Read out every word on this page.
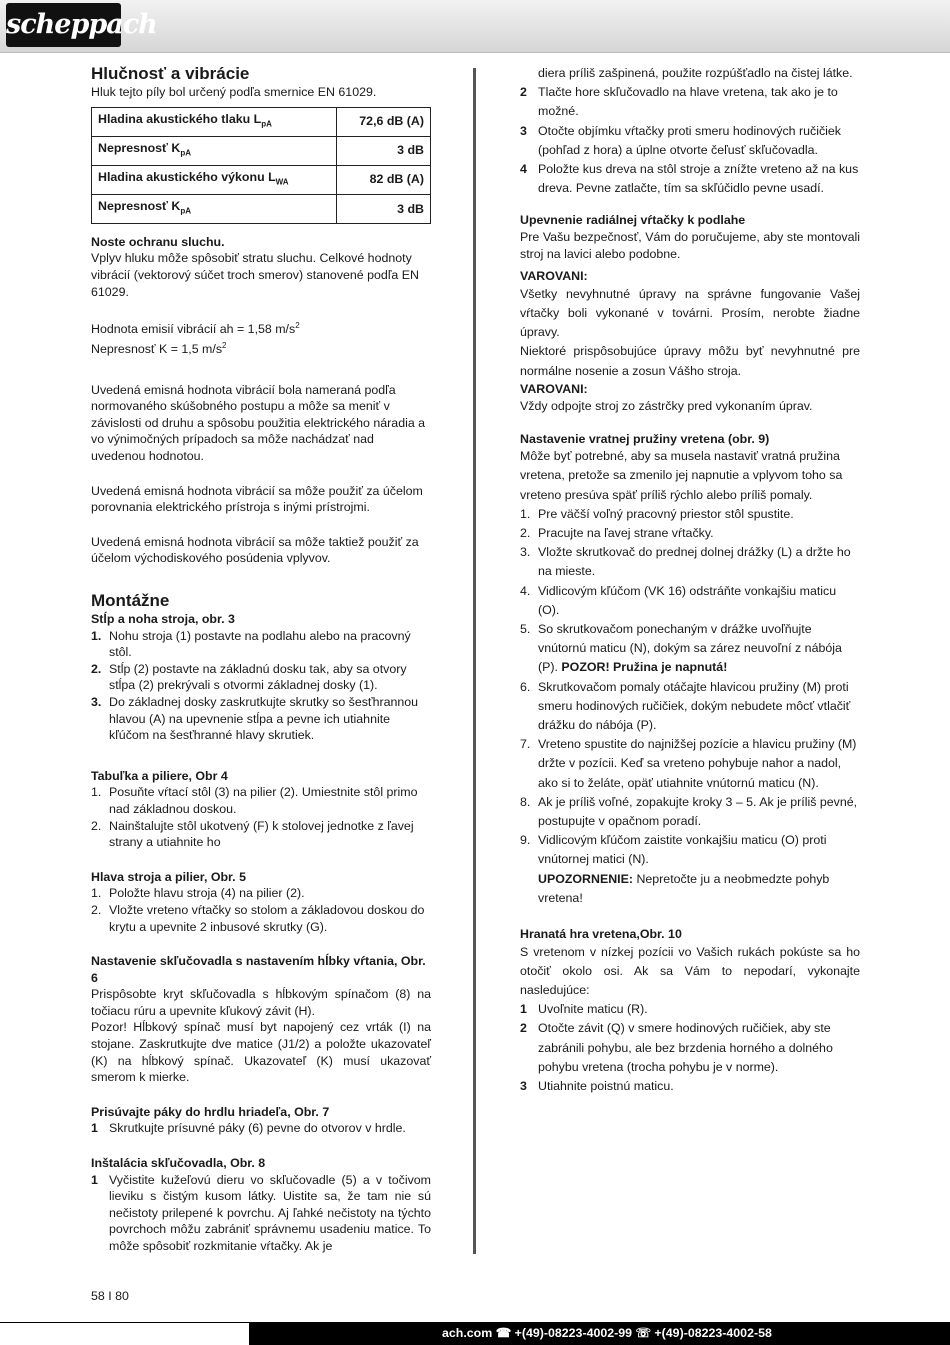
scheppach
Hlučnosť a vibrácie

Hluk tejto píly bol určený podľa smernice EN 61029.

Hladina akustického tlaku $L_{pA}$	72,6 dB (A)
Nepresnosť $K_{pA}$	3 dB
Hladina akustického výkonu $L_{WA}$	82 dB (A)
Nepresnosť $K_{pA}$	3 dB
Noste ochranu sluchu.

Vplyv hluku môže spôsobiť stratu sluchu. Celkové hodnoty vibrácií (vektorový súčet troch smerov) stanovené podľa EN 61029.

Hodnota emisií vibrácií ah = 1,58 $m/s^2$

Nepresnosť K = 1,5 $m/s^2$

Uvedená emisná hodnota vibrácií bola nameraná podľa normovaného skúšobného postupu a môže sa meniť v závislosti od druhu a spôsobu použitia elektrického náradia a vo výnimočných prípadoch sa môže nachádzať nad uvedenou hodnotou.

Uvedená emisná hodnota vibrácií sa môže použiť za účelom porovnania elektrického prístroja s inými prístrojmi.

Uvedená emisná hodnota vibrácií sa môže taktiež použiť za účelom východiskového posúdenia vplyvov.

Montážne
Stĺp a noha stroja, obr. 3
1. Nohu stroja (1) postavte na podlahu alebo na pracovný stôl.
2. Stĺp (2) postavte na základnú dosku tak, aby sa otvory stĺpa (2) prekrývali s otvormi základnej dosky (1).
3. Do základnej dosky zaskrutkujte skrutky so šesťhrannou hlavou (A) na upevnenie stĺpa a pevne ich utiahnite kľúčom na šesťhranné hlavy skrutiek.
Tabuľka a piliere, Obr 4
1. Posuňte vŕtací stôl (3) na pilier (2). Umiestnite stôl primo nad základnou doskou.
2. Nainštalujte stôl ukotvený (F) k stolovej jednotke z ľavej strany a utiahnite ho
Hlava stroja a pilier, Obr. 5
1. Položte hlavu stroja (4) na pilier (2).
2. Vložte vreteno vŕtačky so stolom a základovou doskou do krytu a upevnite 2 inbusové skrutky (G).
Nastavenie skľučovadla s nastavením hĺbky vŕtania, Obr. 6

Prispôsobte kryt skľučovadla s hĺbkovým spínačom (8) na točiacu rúru a upevnite kľukový závit (H).

Pozor! Hĺbkový spínač musí byt napojený cez vrták (I) na stojane. Zaskrutkujte dve matice (J1/2) a položte ukazovateľ (K) na hĺbkový spínač. Ukazovateľ (K) musí ukazovať smerom k mierke.

Prisúvajte páky do hrdlu hriadeľa, Obr. 7
1 Skrutkujte prísuvné páky (6) pevne do otvorov v hrdle.
Inštalácia skľučovadla, Obr. 8
1 Vyčistite kužeľovú dieru vo skľučovadle (5) a v točivom lieviku s čistým kusom látky. Uistite sa, že tam nie sú nečistoty prilepené k povrchu. Aj ľahké nečistoty na týchto povrchoch môžu zabrániť správnemu usadeniu matice. To môže spôsobiť rozkmitanie vŕtačky. Ak je

diera príliš zašpinená, použite rozpúšťadlo na čistej látke.

2 Tlačte hore skľučovadlo na hlave vretena, tak ako je to možné.
3 Otočte objímku vŕtačky proti smeru hodinových ručičiek (pohľad z hora) a úplne otvorte čeľusť skľučovadla.
4 Položte kus dreva na stôl stroje a znížte vreteno až na kus dreva. Pevne zatlačte, tím sa skľúčidlo pevne usadí.
Upevnenie radiálnej vŕtačky k podlahe

Pre Vašu bezpečnosť, Vám do poručujeme, aby ste montovali stroj na lavici alebo podobne.

VAROVANI:

Všetky nevyhnutné úpravy na správne fungovanie Vašej vŕtačky boli vykonané v továrni. Prosím, nerobte žiadne úpravy.

Niektoré prispôsobujúce úpravy môžu byť nevyhnutné pre normálne nosenie a zosun Vášho stroja.

VAROVANI:

Vždy odpojte stroj zo zástrčky pred vykonaním úprav.

Nastavenie vratnej pružiny vretena (obr. 9)

Môže byť potrebné, aby sa musela nastaviť vratná pružina vretena, pretože sa zmenilo jej napnutie a vplyvom toho sa vreteno presúva späť príliš rýchlo alebo príliš pomaly.

1. Pre väčší voľný pracovný priestor stôl spustite.
2. Pracujte na ľavej strane vŕtačky.
3. Vložte skrutkovač do prednej dolnej drážky (L) a držte ho na mieste.
4. Vidlicovým kľúčom (VK 16) odstráňte vonkajšiu maticu (O).
5. So skrutkovačom ponechaným v drážke uvoľňujte vnútornú maticu (N), dokým sa zárez neuvoľní z nábója (P). POZOR! Pružina je napnutá!
6. Skrutkovačom pomaly otáčajte hlavicou pružiny (M) proti smeru hodinových ručičiek, dokým nebudete môcť vtlačiť drážku do nábója (P).
7. Vreteno spustite do najnižšej pozície a hlavicu pružiny (M) držte v pozícii. Keď sa vreteno pohybuje nahor a nadol, ako si to želáte, opäť utiahnite vnútornú maticu (N).
8. Ak je príliš voľné, zopakujte kroky 3 – 5. Ak je príliš pevné, postupujte v opačnom poradí.
9. Vidlicovým kľúčom zaistite vonkajšiu maticu (O) proti vnútornej matici (N).

UPOZORNENIE: Nepretočte ju a neobmedzte pohyb vretena!

Hranatá hra vretena,Obr. 10

S vretenom v nízkej pozícii vo Vašich rukách pokúste sa ho otočiť okolo osi. Ak sa Vám to nepodarí, vykonajte nasledujúce:

1 Uvoľnite maticu (R).
2 Otočte závit (Q) v smere hodinových ručičiek, aby ste zabránili pohybu, ale bez brzdenia horného a dolného pohybu vretena (trocha pohybu je v norme).
3 Utiahnite poistnú maticu.
58 I 80
ach.com ☎ +(49)-08223-4002-99 ☏ +(49)-08223-4002-58
